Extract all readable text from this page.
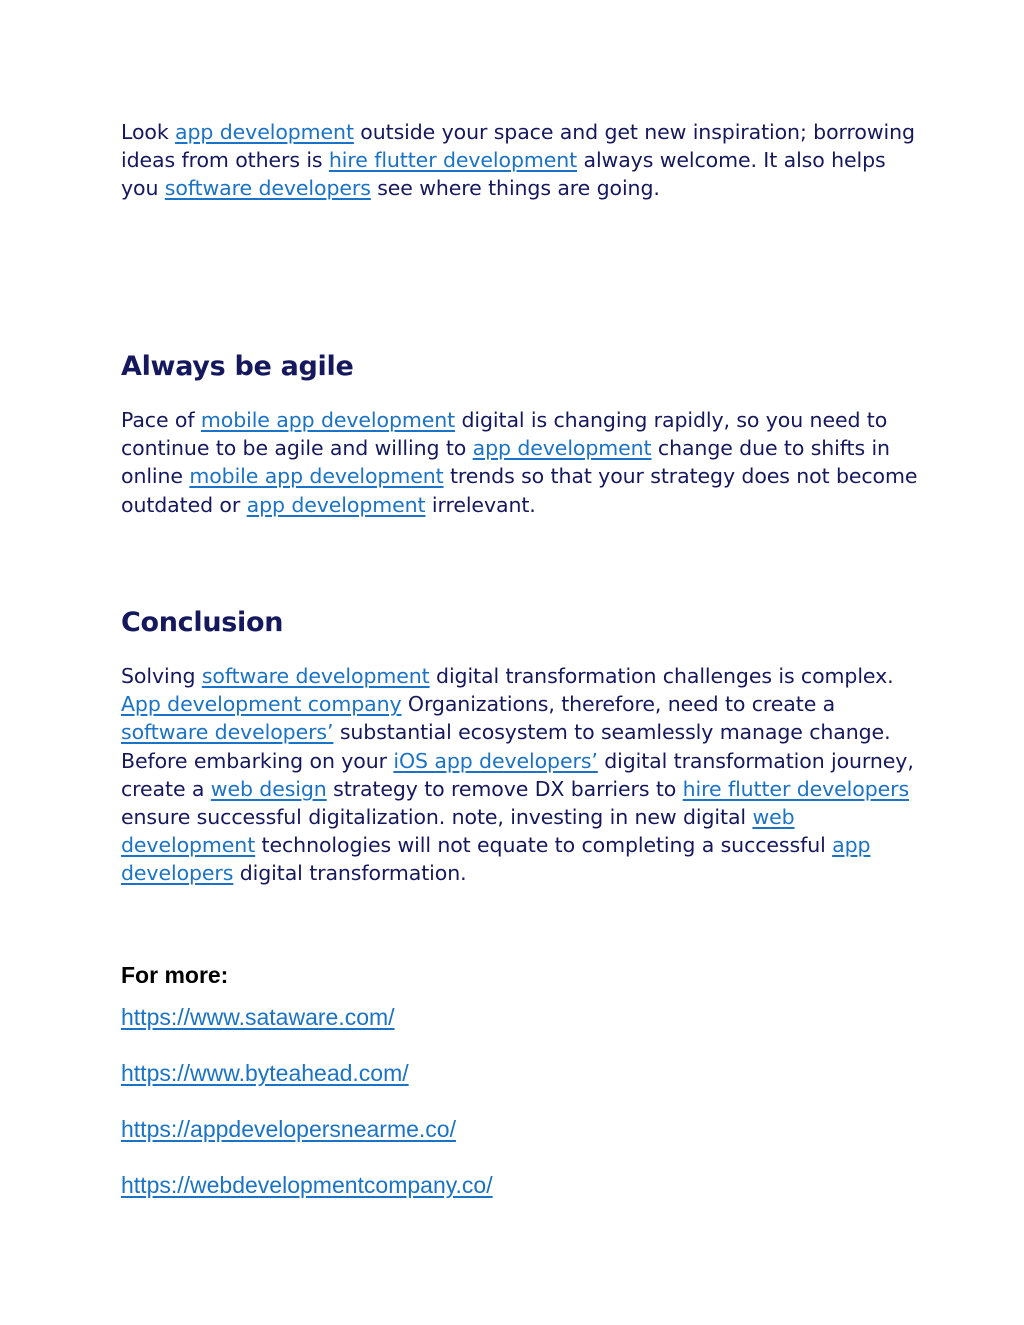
Look app development outside your space and get new inspiration; borrowing ideas from others is hire flutter development always welcome. It also helps you software developers see where things are going.

Always be agile

Pace of mobile app development digital is changing rapidly, so you need to continue to be agile and willing to app development change due to shifts in online mobile app development trends so that your strategy does not become outdated or app development irrelevant.

Conclusion

Solving software development digital transformation challenges is complex. App development company Organizations, therefore, need to create a software developers’ substantial ecosystem to seamlessly manage change. Before embarking on your iOS app developers’ digital transformation journey, create a web design strategy to remove DX barriers to hire flutter developers ensure successful digitalization. note, investing in new digital web development technologies will not equate to completing a successful app developers digital transformation.

For more:
https://www.sataware.com/
https://www.byteahead.com/
https://appdevelopersnearme.co/
https://webdevelopmentcompany.co/
